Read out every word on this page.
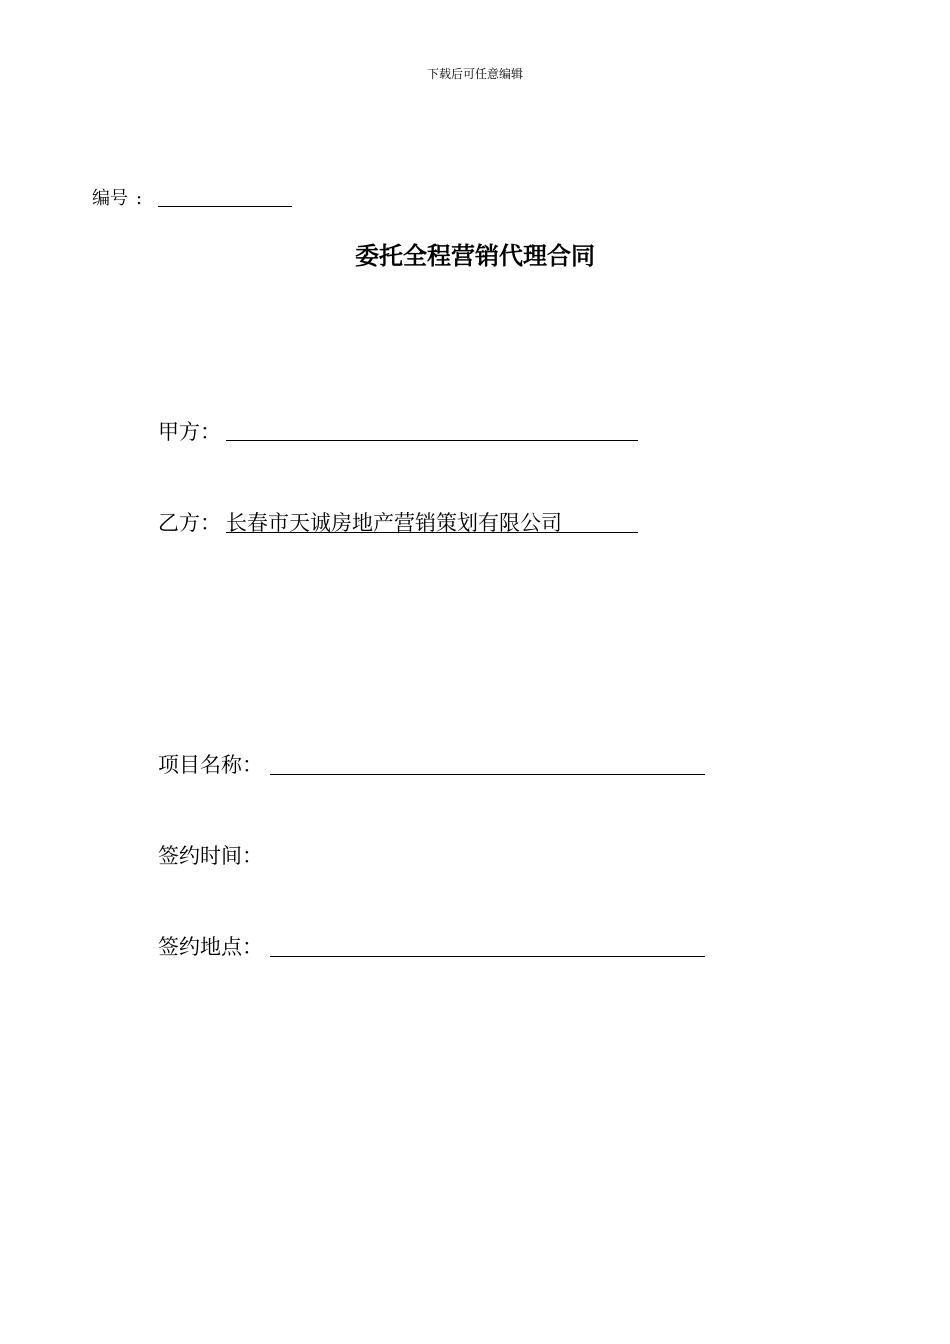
下载后可任意编辑
编号 :
委托全程营销代理合同
甲方：
乙方： 长春市天诚房地产营销策划有限公司
项目名称：
签约时间：
签约地点：
